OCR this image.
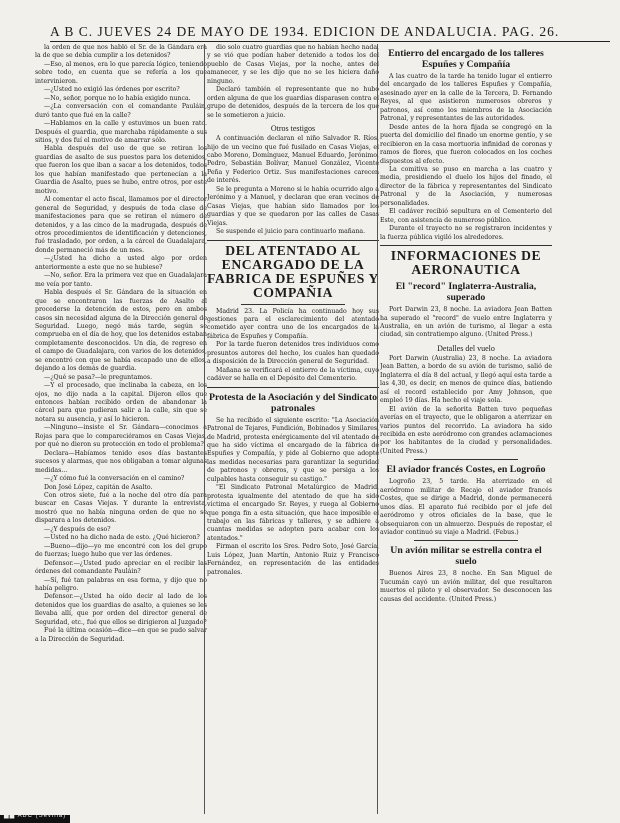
A B C. JUEVES 24 DE MAYO DE 1934. EDICION DE ANDALUCIA. PAG. 26.

la orden de que nos habló el Sr. de la Gándara era la de que se debía cumplir a los detenidos?

—Eso, al menos, era lo que parecía lógico, teniendo sobre todo, en cuenta que se refería a los que intervinieron.

—¿Usted no exigió las órdenes por escrito?

—No, señor, porque no lo había exigido nunca.

—¿La conversación con el comandante Pauláin, duró tanto que fué en la calle?

—Hablamos en la calle y estuvimos un buen rato. Después el guardia, que marchaba rápidamente a sus sitios, y dos fuí el motivo de amarrar sólo.

Habla después del uso de que se retiran los guardias de asalto de sus puestos para los detenidos, que fueron los que iban a sacar a los detenidos, todos los que habían manifestado que pertenecían a la Guardia de Asalto, pues se hubo, entre otros, por este motivo.

Al comentar el acto fiscal, llamamos por el director general de Seguridad, y después de toda clase de manifestaciones para que se retiran el número de detenidos, y a las cinco de la madrugada, después de otros procedimientos de identificación y detenciones, fué trasladado, por orden, a la cárcel de Guadalajara, donde permaneció más de un mes.

—¿Usted ha dicho a usted algo por orden anteriormente a este que no se hubiese?

—No, señor. Era la primera vez que en Guadalajara me veía por tanto.

Habla después el Sr. Gándara de la situación en que se encontraron las fuerzas de Asalto al procederse la detención de estos, pero en ambos casos sin necesidad alguna de la Dirección general de Seguridad. Luego, negó más tarde, según se comprueba en el día de hoy, que los detenidos estaban completamente desconocidos. Un día, de regreso en el campo de Guadalajara, con varios de los detenidos, se encontró con que se había escapado uno de ellos, dejando a los demás de guardia.

—¿Qué se pasa?—le preguntamos.

—Y el procesado, que inclinaba la cabeza, en los ojos, no dijo nada a la capital. Dijeron ellos que entonces habían recibido orden de abandonar la cárcel para que pudieran salir a la calle, sin que se notara su ausencia, y así lo hicieron.

—Ninguno—insiste el Sr. Gándara—conocimos a Rojas para que lo compareciéramos en Casas Viejas, por qué no dieron su protección en todo el problema?

Declara—Habíamos tenido esos días bastantes sucesos y alarmas, que nos obligaban a tomar algunas medidas...

—¿Y cómo fué la conversación en el camino?

Don José López, capitán de Asalto.

Con otros siete, fué a la noche del otro día para buscar en Casas Viejas. Y durante la entrevista, mostró que no había ninguna orden de que no se disparara a los detenidos.

—¿Y después de eso?

—Usted no ha dicho nada de esto. ¿Qué hicieron?

—Bueno—dijo—yo me encontré con los del grupo de fuerzas; luego hubo que ver las órdenes.

Defensor.—¿Usted pudo apreciar en el recibir las órdenes del comandante Pauláin?

—Sí, fué tan palabras en esa forma, y dijo que no había peligro.

Defensor.—¿Usted ha oído decir al lado de los detenidos que los guardias de asalto, a quienes se les llevaba allí, que por orden del director general de Seguridad, etc., fué que ellos se dirigieron al Juzgado?

Fué la última ocasión—dice—en que se pudo salvar a la Dirección de Seguridad.

dio solo cuatro guardias que no habían hecho nada, y se vió que podían haber detenido a todos los del pueblo de Casas Viejas, por la noche, antes del amanecer, y se les dijo que no se les hiciera daño ninguno.

Declaró también el representante que no hubo orden alguna de que los guardias disparasen contra el grupo de detenidos, después de la tercera de los que se le sometieron a juicio.

Otros testigos

A continuación declaran el niño Salvador R. Ríos, hijo de un vecino que fué fusilado en Casas Viejas, el cabo Moreno, Domínguez, Manuel Eduardo, Jerónimo, Pedro, Sebastián Bolívar, Manuel González, Vicente Peña y Federico Ortiz. Sus manifestaciones carecen de interés.

Se le pregunta a Moreno si le había ocurrido algo a Jerónimo y a Manuel, y declaran que eran vecinos de Casas Viejas, que habían sido llamados por los guardias y que se quedaron por las calles de Casas Viejas.

Se suspende el juicio para continuarlo mañana.

DEL ATENTADO AL ENCARGADO DE LA FABRICA DE ESPUÑES Y COMPAÑIA

Madrid 23. La Policía ha continuado hoy sus gestiones para el esclarecimiento del atentado cometido ayer contra uno de los encargados de la fábrica de Espuñes y Compañía.

Por la tarde fueron detenidos tres individuos como presuntos autores del hecho, los cuales han quedado a disposición de la Dirección general de Seguridad.

Mañana se verificará el entierro de la víctima, cuyo cadáver se halla en el Depósito del Cementerio.

Protesta de la Asociación y del Sindicato patronales

Se ha recibido el siguiente escrito: "La Asociación Patronal de Tejares, Fundición, Bobinados y Similares, de Madrid, protesta enérgicamente del vil atentado de que ha sido víctima el encargado de la fábrica de Espuñes y Compañía, y pide al Gobierno que adopte las medidas necesarias para garantizar la seguridad de patronos y obreros, y que se persiga a los culpables hasta conseguir su castigo."

"El Sindicato Patronal Metalúrgico de Madrid, protesta igualmente del atentado de que ha sido víctima el encargado Sr. Reyes, y ruega al Gobierno que ponga fin a esta situación, que hace imposible el trabajo en las fábricas y talleres, y se adhiere a cuantas medidas se adopten para acabar con los atentados."

Firman el escrito los Sres. Pedro Soto, José García, Luis López, Juan Martín, Antonio Ruiz y Francisco Fernández, en representación de las entidades patronales.

Entierro del encargado de los talleres Espuñes y Compañía

A las cuatro de la tarde ha tenido lugar el entierro del encargado de los talleres Espuñes y Compañía, asesinado ayer en la calle de la Tercera, D. Fernando Reyes, al que asistieron numerosos obreros y patronos, así como los miembros de la Asociación Patronal, y representantes de las autoridades.

Desde antes de la hora fijada se congregó en la puerta del domicilio del finado un enorme gentío, y se recibieron en la casa mortuoria infinidad de coronas y ramos de flores, que fueron colocados en los coches dispuestos al efecto.

La comitiva se puso en marcha a las cuatro y media, presidiendo el duelo los hijos del finado, el director de la fábrica y representantes del Sindicato Patronal y de la Asociación, y numerosas personalidades.

El cadáver recibió sepultura en el Cementerio del Este, con asistencia de numeroso público.

Durante el trayecto no se registraron incidentes y la fuerza pública vigiló los alrededores.

INFORMACIONES DE AERONAUTICA
El "record" Inglaterra-Australia, superado

Port Darwin 23, 8 noche. La aviadora Jean Batten ha superado el "record" de vuelo entre Inglaterra y Australia, en un avión de turismo, al llegar a esta ciudad, sin contratiempo alguno. (United Press.)

Detalles del vuelo

Port Darwin (Australia) 23, 8 noche. La aviadora Jean Batten, a bordo de su avión de turismo, salió de Inglaterra el día 8 del actual, y llegó aquí esta tarde a las 4,30, es decir, en menos de quince días, batiendo así el record establecido por Amy Johnson, que empleó 19 días. Ha hecho el viaje sola.

El avión de la señorita Batten tuvo pequeñas averías en el trayecto, que le obligaron a aterrizar en varios puntos del recorrido. La aviadora ha sido recibida en este aeródromo con grandes aclamaciones por los habitantes de la ciudad y personalidades. (United Press.)

El aviador francés Costes, en Logroño

Logroño 23, 5 tarde. Ha aterrizado en el aeródromo militar de Recajo el aviador francés Costes, que se dirige a Madrid, donde permanecerá unos días. El aparato fué recibido por el jefe del aeródromo y otros oficiales de la base, que le obsequiaron con un almuerzo. Después de repostar, el aviador continuó su viaje a Madrid. (Febus.)

Un avión militar se estrella contra el suelo

Buenos Aires 23, 8 noche. En San Miguel de Tucumán cayó un avión militar, del que resultaron muertos el piloto y el observador. Se desconocen las causas del accidente. (United Press.)

▇▇ ABC (Sevilla)
